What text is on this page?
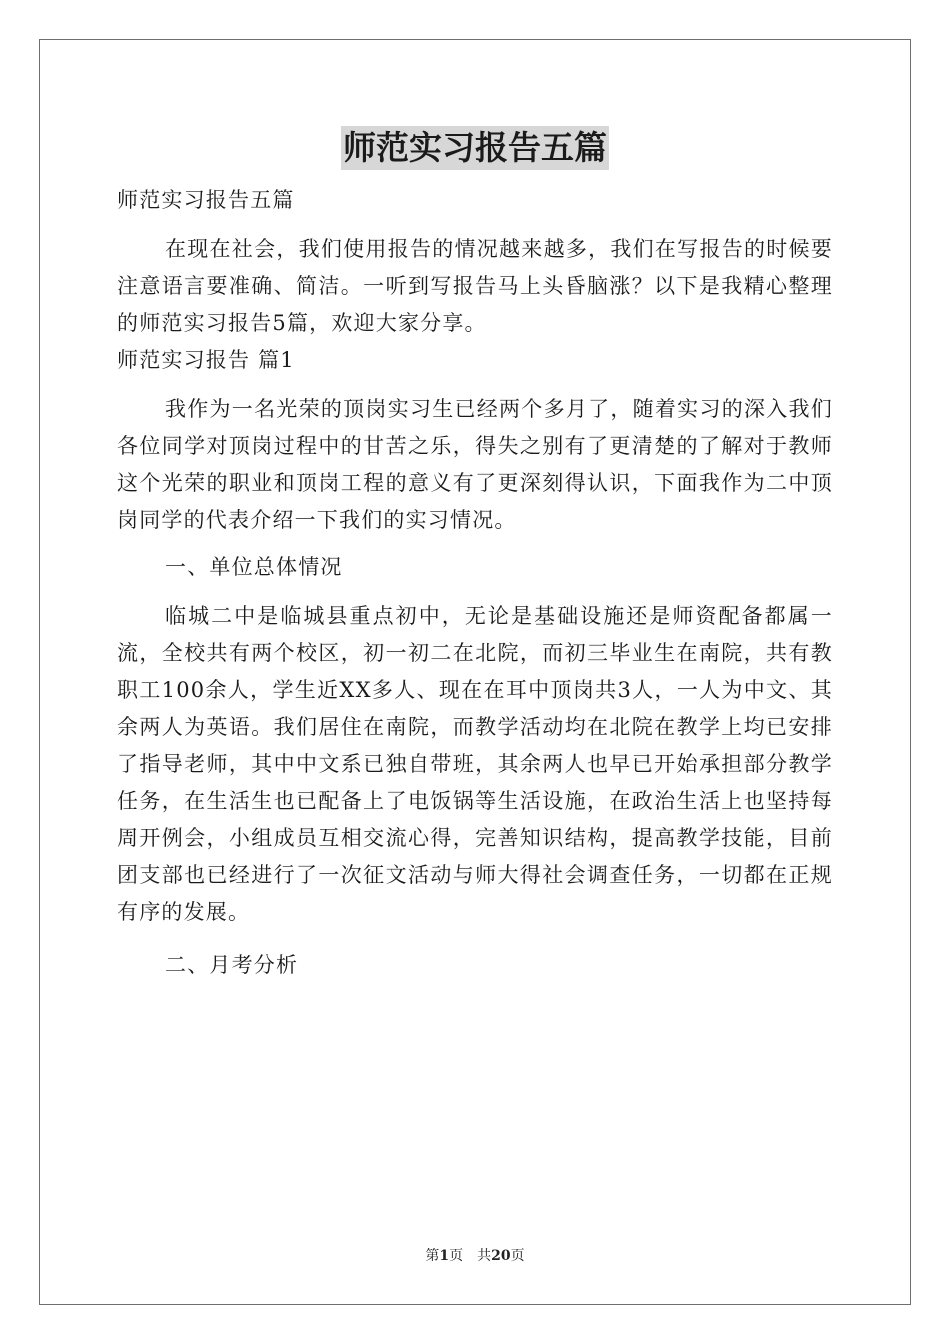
师范实习报告五篇

师范实习报告五篇

在现在社会，我们使用报告的情况越来越多，我们在写报告的时候要注意语言要准确、简洁。一听到写报告马上头昏脑涨？以下是我精心整理的师范实习报告5篇，欢迎大家分享。

师范实习报告 篇1

我作为一名光荣的顶岗实习生已经两个多月了，随着实习的深入我们各位同学对顶岗过程中的甘苦之乐，得失之别有了更清楚的了解对于教师这个光荣的职业和顶岗工程的意义有了更深刻得认识，下面我作为二中顶岗同学的代表介绍一下我们的实习情况。

一、单位总体情况

临城二中是临城县重点初中，无论是基础设施还是师资配备都属一流，全校共有两个校区，初一初二在北院，而初三毕业生在南院，共有教职工100余人，学生近XX多人、现在在耳中顶岗共3人，一人为中文、其余两人为英语。我们居住在南院，而教学活动均在北院在教学上均已安排了指导老师，其中中文系已独自带班，其余两人也早已开始承担部分教学任务，在生活生也已配备上了电饭锅等生活设施，在政治生活上也坚持每周开例会，小组成员互相交流心得，完善知识结构，提高教学技能，目前团支部也已经进行了一次征文活动与师大得社会调查任务，一切都在正规有序的发展。

二、月考分析

第1页 共20页
